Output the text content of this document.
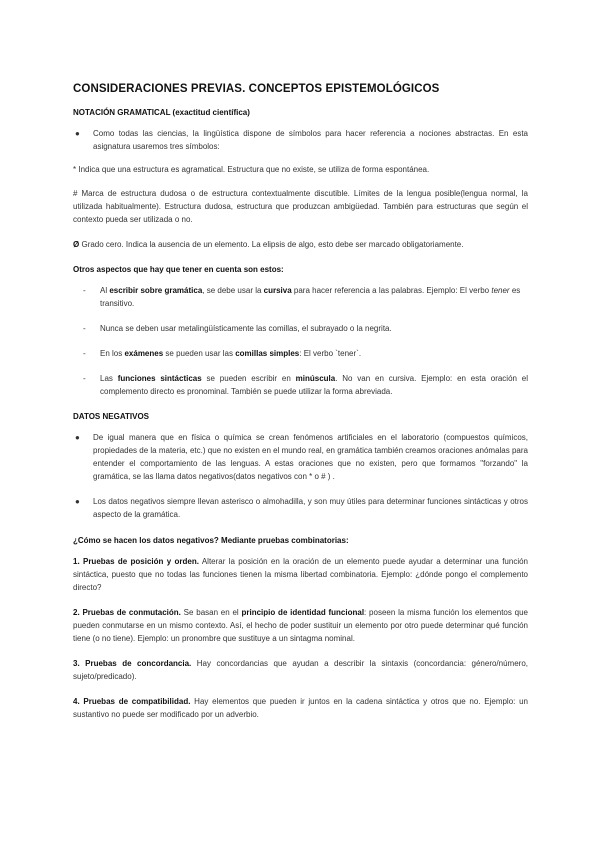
CONSIDERACIONES PREVIAS. CONCEPTOS EPISTEMOLÓGICOS

NOTACIÓN GRAMATICAL (exactitud científica)

● Como todas las ciencias, la lingüística dispone de símbolos para hacer referencia a nociones abstractas. En esta asignatura usaremos tres símbolos:

* Indica que una estructura es agramatical. Estructura que no existe, se utiliza de forma espontánea.

# Marca de estructura dudosa o de estructura contextualmente discutible. Límites de la lengua posible(lengua normal, la utilizada habitualmente). Estructura dudosa, estructura que produzcan ambigüedad. También para estructuras que según el contexto pueda ser utilizada o no.

Ø Grado cero. Indica la ausencia de un elemento. La elipsis de algo, esto debe ser marcado obligatoriamente.

Otros aspectos que hay que tener en cuenta son estos:

- Al escribir sobre gramática, se debe usar la cursiva para hacer referencia a las palabras. Ejemplo: El verbo tener es transitivo.

- Nunca se deben usar metalingüísticamente las comillas, el subrayado o la negrita.

- En los exámenes se pueden usar las comillas simples: El verbo `tener`.

- Las funciones sintácticas se pueden escribir en minúscula. No van en cursiva. Ejemplo: en esta oración el complemento directo es pronominal. También se puede utilizar la forma abreviada.

DATOS NEGATIVOS

● De igual manera que en física o química se crean fenómenos artificiales en el laboratorio (compuestos químicos, propiedades de la materia, etc.) que no existen en el mundo real, en gramática también creamos oraciones anómalas para entender el comportamiento de las lenguas. A estas oraciones que no existen, pero que formamos "forzando" la gramática, se las llama datos negativos(datos negativos con * o # ) .

● Los datos negativos siempre llevan asterisco o almohadilla, y son muy útiles para determinar funciones sintácticas y otros aspecto de la gramática.

¿Cómo se hacen los datos negativos? Mediante pruebas combinatorias:

1. Pruebas de posición y orden. Alterar la posición en la oración de un elemento puede ayudar a determinar una función sintáctica, puesto que no todas las funciones tienen la misma libertad combinatoria. Ejemplo: ¿dónde pongo el complemento directo?

2. Pruebas de conmutación. Se basan en el principio de identidad funcional: poseen la misma función los elementos que pueden conmutarse en un mismo contexto. Así, el hecho de poder sustituir un elemento por otro puede determinar qué función tiene (o no tiene). Ejemplo: un pronombre que sustituye a un sintagma nominal.

3. Pruebas de concordancia. Hay concordancias que ayudan a describir la sintaxis (concordancia: género/número, sujeto/predicado).

4. Pruebas de compatibilidad. Hay elementos que pueden ir juntos en la cadena sintáctica y otros que no. Ejemplo: un sustantivo no puede ser modificado por un adverbio.
